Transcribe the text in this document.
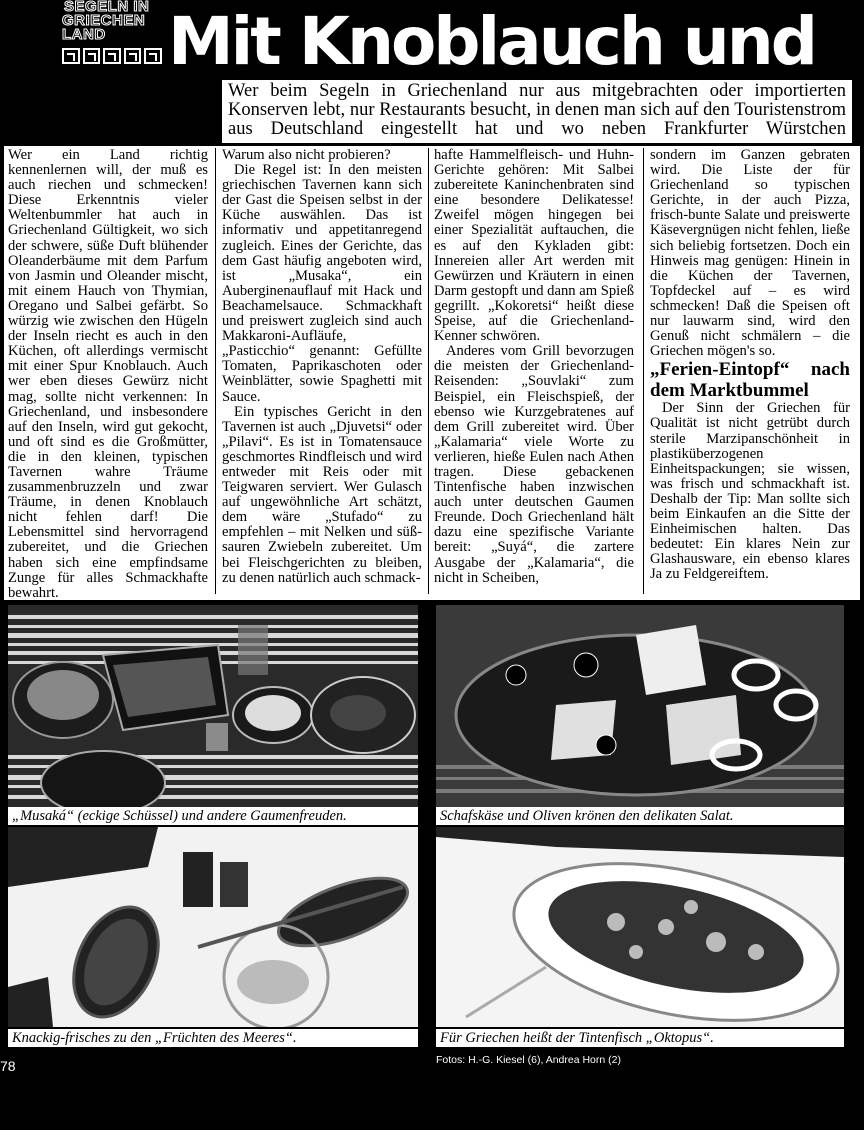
SEGELN IN
GRIECHEN
LAND Mit Knoblauch und
Wer beim Segeln in Griechenland nur aus mitgebrachten oder importierten Konserven lebt, nur Restaurants besucht, in denen man sich auf den Touristenstrom aus Deutschland eingestellt hat und wo neben Frankfurter Würstchen

Wer ein Land richtig kennenlernen will, der muß es auch riechen und schmecken! Diese Erkenntnis vieler Weltenbummler hat auch in Griechenland Gültigkeit, wo sich der schwere, süße Duft blühender Oleanderbäume mit dem Parfum von Jasmin und Oleander mischt, mit einem Hauch von Thymian, Oregano und Salbei gefärbt. So würzig wie zwischen den Hügeln der Inseln riecht es auch in den Küchen, oft allerdings vermischt mit einer Spur Knoblauch. Auch wer eben dieses Gewürz nicht mag, sollte nicht verkennen: In Griechenland, und insbesondere auf den Inseln, wird gut gekocht, und oft sind es die Großmütter, die in den kleinen, typischen Tavernen wahre Träume zusammenbruzzeln und zwar Träume, in denen Knoblauch nicht fehlen darf! Die Lebensmittel sind hervorragend zubereitet, und die Griechen haben sich eine empfindsame Zunge für alles Schmackhafte bewahrt.

Warum also nicht probieren?

Die Regel ist: In den meisten griechischen Tavernen kann sich der Gast die Speisen selbst in der Küche auswählen. Das ist informativ und appetitanregend zugleich. Eines der Gerichte, das dem Gast häufig angeboten wird, ist „Musaka“, ein Auberginenauflauf mit Hack und Beachamelsauce. Schmackhaft und preiswert zugleich sind auch Makkaroni-Aufläufe, „Pasticchio“ genannt: Gefüllte Tomaten, Paprikaschoten oder Weinblätter, sowie Spaghetti mit Sauce.

Ein typisches Gericht in den Tavernen ist auch „Djuvetsi“ oder „Pilavi“. Es ist in Tomatensauce geschmortes Rindfleisch und wird entweder mit Reis oder mit Teigwaren serviert. Wer Gulasch auf ungewöhnliche Art schätzt, dem wäre „Stufado“ zu empfehlen – mit Nelken und süß-sauren Zwiebeln zubereitet. Um bei Fleischgerichten zu bleiben, zu denen natürlich auch schmack-

hafte Hammelfleisch- und Huhn-Gerichte gehören: Mit Salbei zubereitete Kaninchenbraten sind eine besondere Delikatesse! Zweifel mögen hingegen bei einer Spezialität auftauchen, die es auf den Kykladen gibt: Innereien aller Art werden mit Gewürzen und Kräutern in einen Darm gestopft und dann am Spieß gegrillt. „Kokoretsi“ heißt diese Speise, auf die Griechenland-Kenner schwören.

Anderes vom Grill bevorzugen die meisten der Griechenland-Reisenden: „Souvlaki“ zum Beispiel, ein Fleischspieß, der ebenso wie Kurzgebratenes auf dem Grill zubereitet wird. Über „Kalamaria“ viele Worte zu verlieren, hieße Eulen nach Athen tragen. Diese gebackenen Tintenfische haben inzwischen auch unter deutschen Gaumen Freunde. Doch Griechenland hält dazu eine spezifische Variante bereit: „Suyá“, die zartere Ausgabe der „Kalamaria“, die nicht in Scheiben,

sondern im Ganzen gebraten wird. Die Liste der für Griechenland so typischen Gerichte, in der auch Pizza, frisch-bunte Salate und preiswerte Käsevergnügen nicht fehlen, ließe sich beliebig fortsetzen. Doch ein Hinweis mag genügen: Hinein in die Küchen der Tavernen, Topfdeckel auf – es wird schmecken! Daß die Speisen oft nur lauwarm sind, wird den Genuß nicht schmälern – die Griechen mögen's so.

„Ferien-Eintopf“ nach dem Marktbummel

Der Sinn der Griechen für Qualität ist nicht getrübt durch sterile Marzipanschönheit in plastiküberzogenen Einheitspackungen; sie wissen, was frisch und schmackhaft ist. Deshalb der Tip: Man sollte sich beim Einkaufen an die Sitte der Einheimischen halten. Das bedeutet: Ein klares Nein zur Glashausware, ein ebenso klares Ja zu Feldgereiftem.

„Musaká“ (eckige Schüssel) und andere Gaumenfreuden.	Schafskäse und Oliven krönen den delikaten Salat.
Knackig-frisches zu den „Früchten des Meeres“.	Für Griechen heißt der Tintenfisch „Oktopus“.
78	Fotos: H.-G. Kiesel (6), Andrea Horn (2)
